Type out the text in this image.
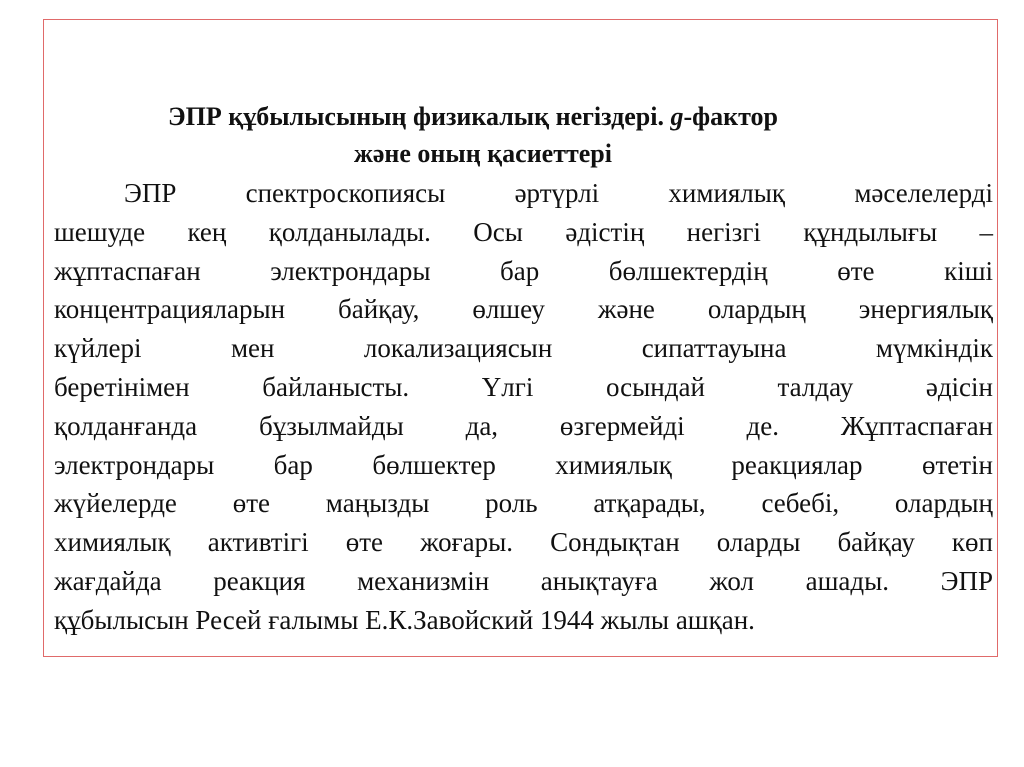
ЭПР құбылысының физикалық негіздері. g-фактор
және оның қасиеттері
ЭПР спектроскопиясы әртүрлі химиялық мәселелерді
шешуде кең қолданылады. Осы әдістің негізгі құндылығы –
жұптаспаған электрондары бар бөлшектердің өте кіші
концентрацияларын байқау, өлшеу және олардың энергиялық
күйлері мен локализациясын сипаттауына мүмкіндік
беретінімен байланысты. Үлгі осындай талдау әдісін
қолданғанда бұзылмайды да, өзгермейді де. Жұптаспаған
электрондары бар бөлшектер химиялық реакциялар өтетін
жүйелерде өте маңызды роль атқарады, себебі, олардың
химиялық активтігі өте жоғары. Сондықтан оларды байқау көп
жағдайда реакция механизмін анықтауға жол ашады. ЭПР
құбылысын Ресей ғалымы Е.К.Завойский 1944 жылы ашқан.
